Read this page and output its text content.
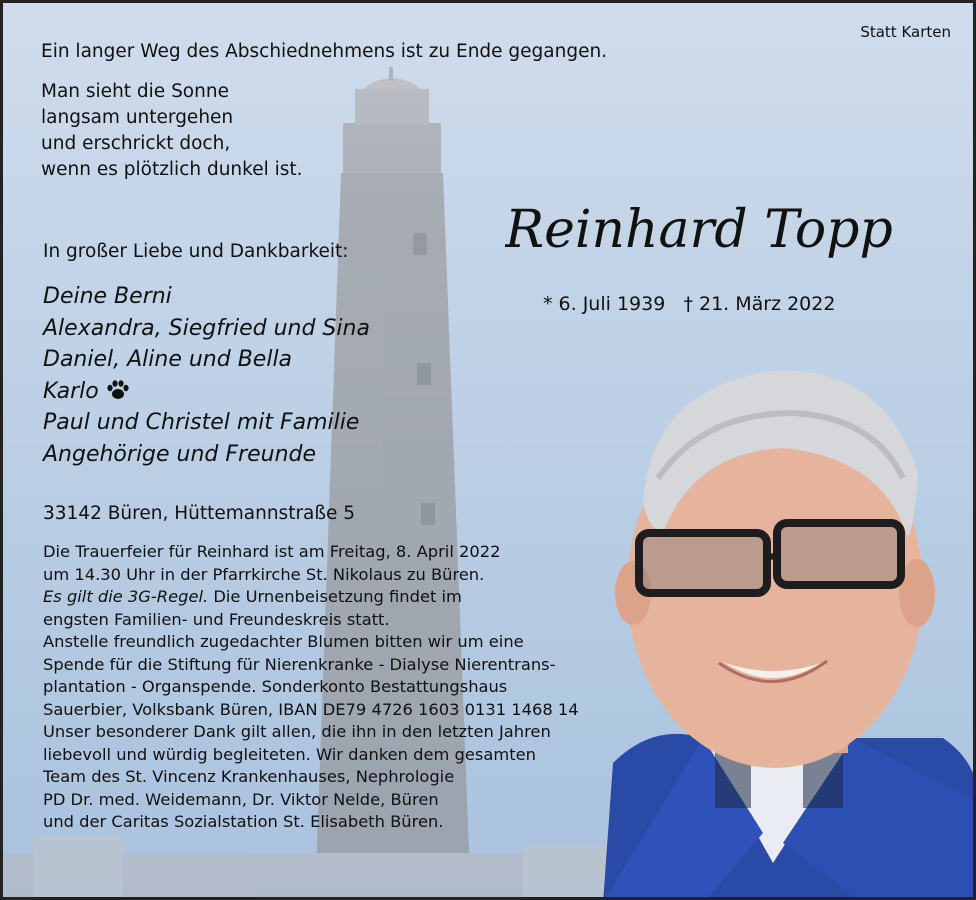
Statt Karten
Ein langer Weg des Abschiednehmens ist zu Ende gegangen.
Man sieht die Sonne
langsam untergehen
und erschrickt doch,
wenn es plötzlich dunkel ist.
Reinhard Topp
* 6. Juli 1939 † 21. März 2022
In großer Liebe und Dankbarkeit:
Deine Berni
Alexandra, Siegfried und Sina
Daniel, Aline und Bella
Karlo
Paul und Christel mit Familie
Angehörige und Freunde
33142 Büren, Hüttemannstraße 5
Die Trauerfeier für Reinhard ist am Freitag, 8. April 2022
um 14.30 Uhr in der Pfarrkirche St. Nikolaus zu Büren.
Es gilt die 3G-Regel. Die Urnenbeisetzung findet im
engsten Familien- und Freundeskreis statt.
Anstelle freundlich zugedachter Blumen bitten wir um eine
Spende für die Stiftung für Nierenkranke - Dialyse Nierentrans-
plantation - Organspende. Sonderkonto Bestattungshaus
Sauerbier, Volksbank Büren, IBAN DE79 4726 1603 0131 1468 14
Unser besonderer Dank gilt allen, die ihn in den letzten Jahren
liebevoll und würdig begleiteten. Wir danken dem gesamten
Team des St. Vincenz Krankenhauses, Nephrologie
PD Dr. med. Weidemann, Dr. Viktor Nelde, Büren
und der Caritas Sozialstation St. Elisabeth Büren.
